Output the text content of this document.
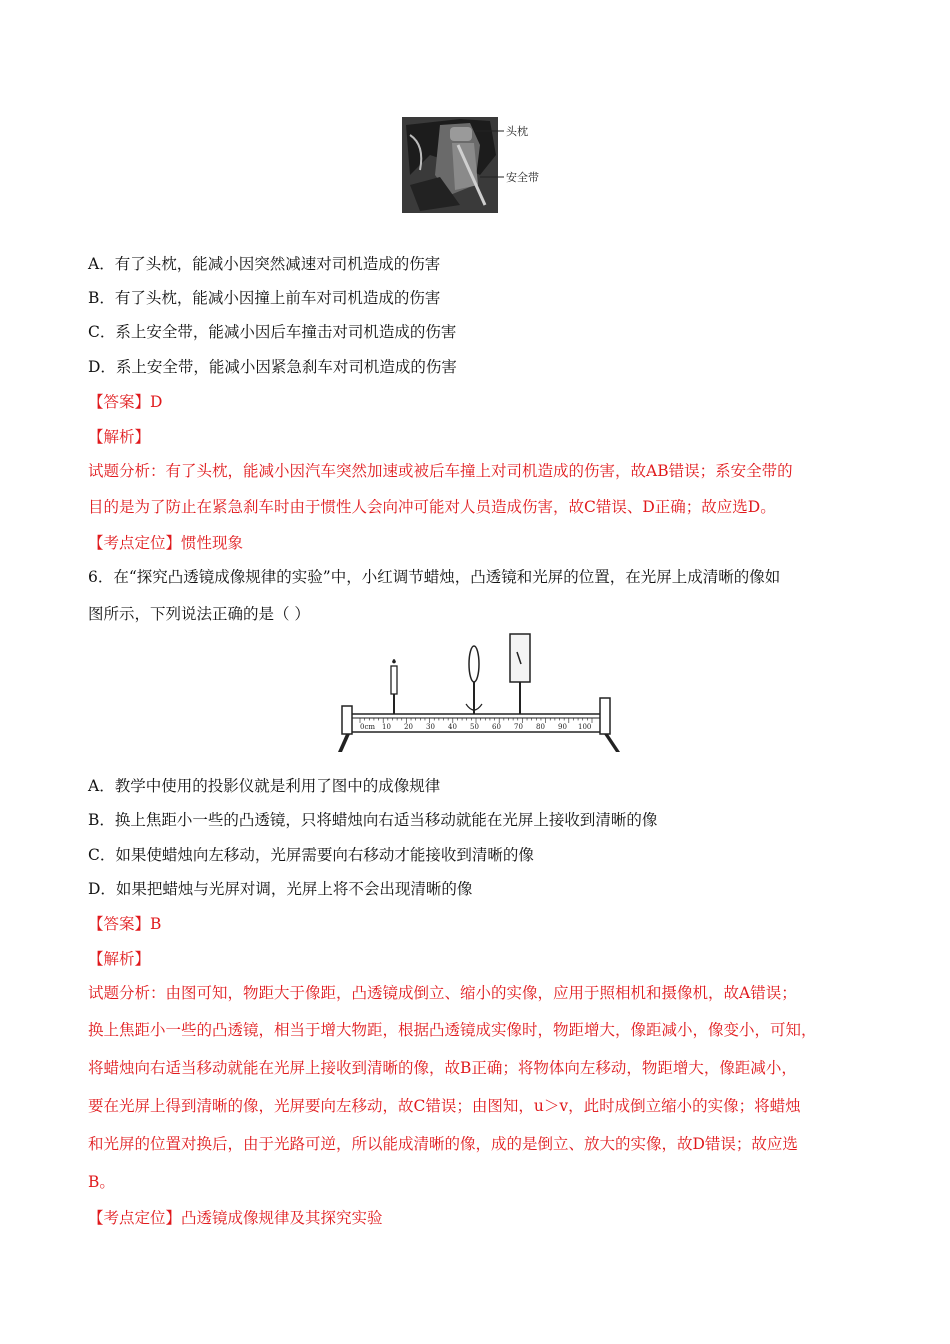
头枕
安全带
A．有了头枕，能减小因突然减速对司机造成的伤害
B．有了头枕，能减小因撞上前车对司机造成的伤害
C．系上安全带，能减小因后车撞击对司机造成的伤害
D．系上安全带，能减小因紧急刹车对司机造成的伤害
【答案】D
【解析】
试题分析：有了头枕，能减小因汽车突然加速或被后车撞上对司机造成的伤害，故AB错误；系安全带的
目的是为了防止在紧急刹车时由于惯性人会向冲可能对人员造成伤害，故C错误、D正确；故应选D。
【考点定位】惯性现象
6．在“探究凸透镜成像规律的实验”中，小红调节蜡烛，凸透镜和光屏的位置，在光屏上成清晰的像如
图所示，下列说法正确的是（ ）
0cm 10 20 30 40 50 60 70 80 90 100
A．教学中使用的投影仪就是利用了图中的成像规律
B．换上焦距小一些的凸透镜，只将蜡烛向右适当移动就能在光屏上接收到清晰的像
C．如果使蜡烛向左移动，光屏需要向右移动才能接收到清晰的像
D．如果把蜡烛与光屏对调，光屏上将不会出现清晰的像
【答案】B
【解析】
试题分析：由图可知，物距大于像距，凸透镜成倒立、缩小的实像，应用于照相机和摄像机，故A错误；
换上焦距小一些的凸透镜，相当于增大物距，根据凸透镜成实像时，物距增大，像距减小，像变小，可知，
将蜡烛向右适当移动就能在光屏上接收到清晰的像，故B正确；将物体向左移动，物距增大，像距减小，
要在光屏上得到清晰的像，光屏要向左移动，故C错误；由图知，u＞v，此时成倒立缩小的实像；将蜡烛
和光屏的位置对换后，由于光路可逆，所以能成清晰的像，成的是倒立、放大的实像，故D错误；故应选
B。
【考点定位】凸透镜成像规律及其探究实验
